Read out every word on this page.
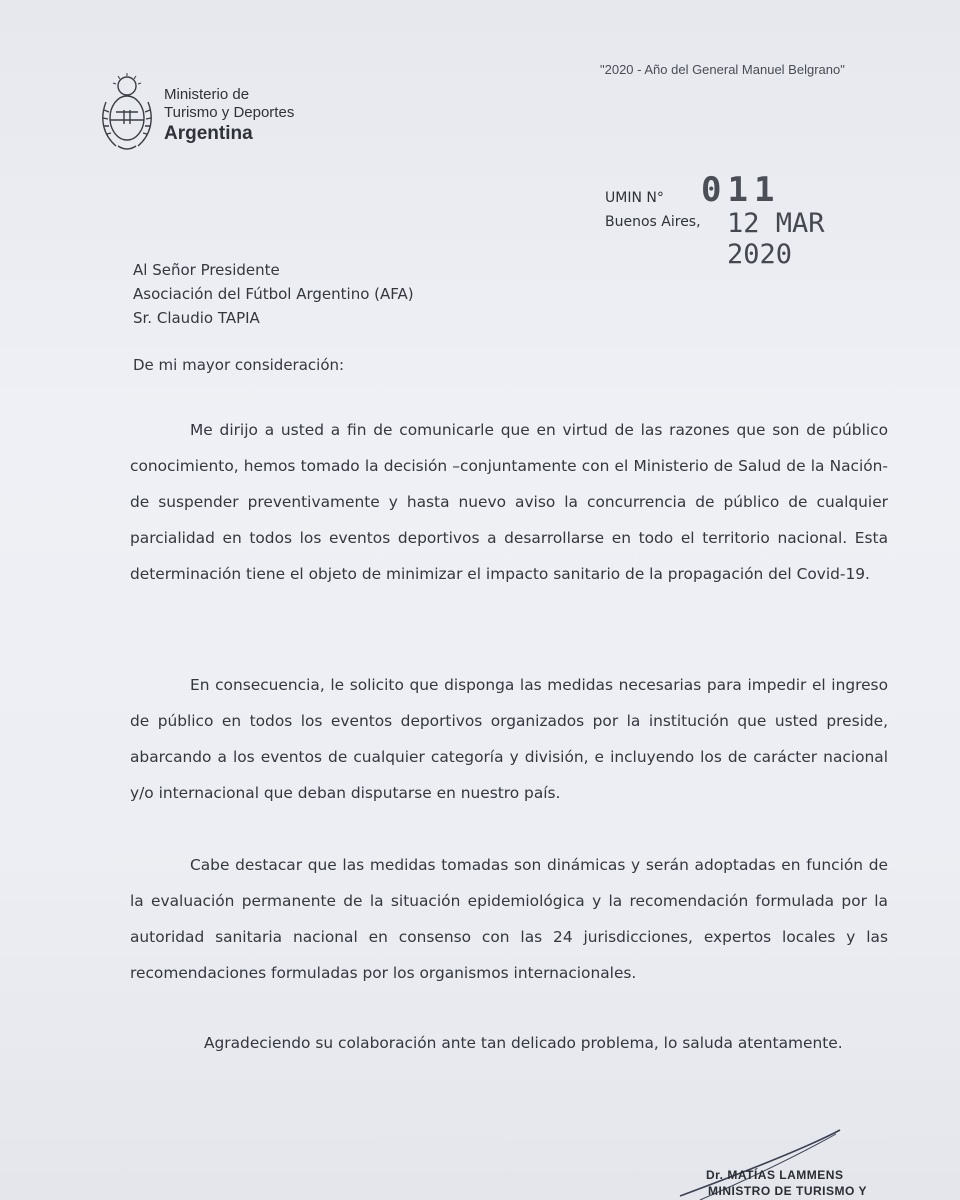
"2020 - Año del General Manuel Belgrano"
Ministerio de
Turismo y Deportes
Argentina
UMIN N° 011
Buenos Aires, 12 MAR 2020
Al Señor Presidente
Asociación del Fútbol Argentino (AFA)
Sr. Claudio TAPIA
De mi mayor consideración:
Me dirijo a usted a fin de comunicarle que en virtud de las razones que son de público conocimiento, hemos tomado la decisión –conjuntamente con el Ministerio de Salud de la Nación- de suspender preventivamente y hasta nuevo aviso la concurrencia de público de cualquier parcialidad en todos los eventos deportivos a desarrollarse en todo el territorio nacional. Esta determinación tiene el objeto de minimizar el impacto sanitario de la propagación del Covid-19.
En consecuencia, le solicito que disponga las medidas necesarias para impedir el ingreso de público en todos los eventos deportivos organizados por la institución que usted preside, abarcando a los eventos de cualquier categoría y división, e incluyendo los de carácter nacional y/o internacional que deban disputarse en nuestro país.
Cabe destacar que las medidas tomadas son dinámicas y serán adoptadas en función de la evaluación permanente de la situación epidemiológica y la recomendación formulada por la autoridad sanitaria nacional en consenso con las 24 jurisdicciones, expertos locales y las recomendaciones formuladas por los organismos internacionales.
Agradeciendo su colaboración ante tan delicado problema, lo saluda atentamente.
Dr. MATÍAS LAMMENS
MINISTRO DE TURISMO Y
